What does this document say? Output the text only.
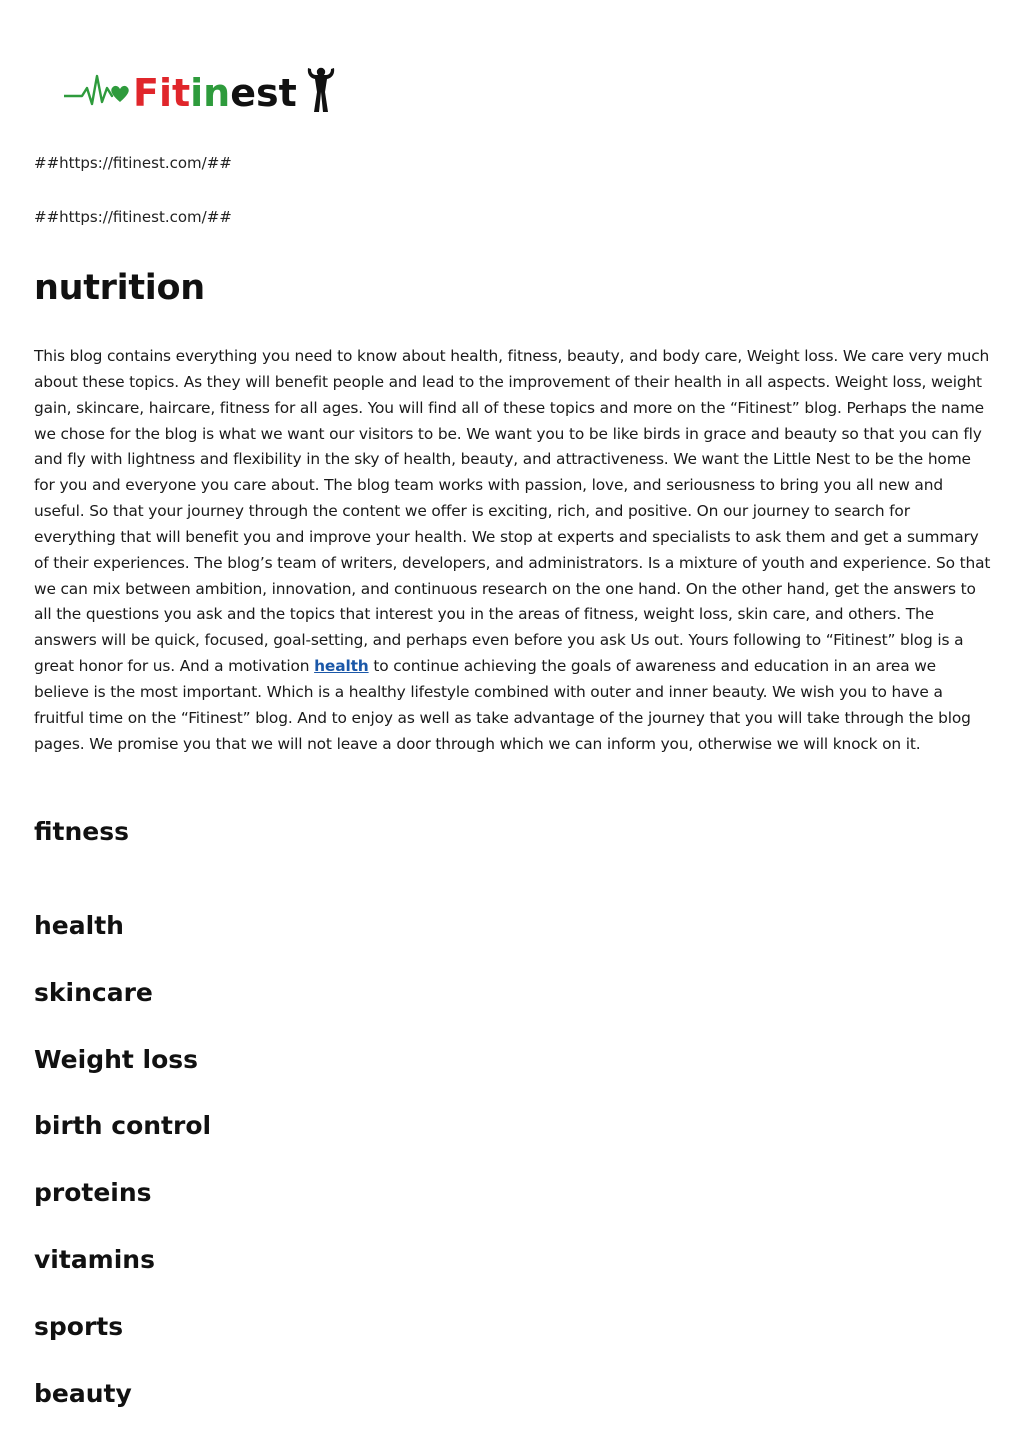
Fitinest

##https://fitinest.com/##

##https://fitinest.com/##

nutrition

This blog contains everything you need to know about health, fitness, beauty, and body care, Weight loss. We care very much about these topics. As they will benefit people and lead to the improvement of their health in all aspects. Weight loss, weight gain, skincare, haircare, fitness for all ages. You will find all of these topics and more on the “Fitinest” blog. Perhaps the name we chose for the blog is what we want our visitors to be. We want you to be like birds in grace and beauty so that you can fly and fly with lightness and flexibility in the sky of health, beauty, and attractiveness. We want the Little Nest to be the home for you and everyone you care about. The blog team works with passion, love, and seriousness to bring you all new and useful. So that your journey through the content we offer is exciting, rich, and positive. On our journey to search for everything that will benefit you and improve your health. We stop at experts and specialists to ask them and get a summary of their experiences. The blog’s team of writers, developers, and administrators. Is a mixture of youth and experience. So that we can mix between ambition, innovation, and continuous research on the one hand. On the other hand, get the answers to all the questions you ask and the topics that interest you in the areas of fitness, weight loss, skin care, and others. The answers will be quick, focused, goal-setting, and perhaps even before you ask Us out. Yours following to “Fitinest” blog is a great honor for us. And a motivation health to continue achieving the goals of awareness and education in an area we believe is the most important. Which is a healthy lifestyle combined with outer and inner beauty. We wish you to have a fruitful time on the “Fitinest” blog. And to enjoy as well as take advantage of the journey that you will take through the blog pages. We promise you that we will not leave a door through which we can inform you, otherwise we will knock on it.

fitness
health
skincare
Weight loss
birth control
proteins
vitamins
sports
beauty
